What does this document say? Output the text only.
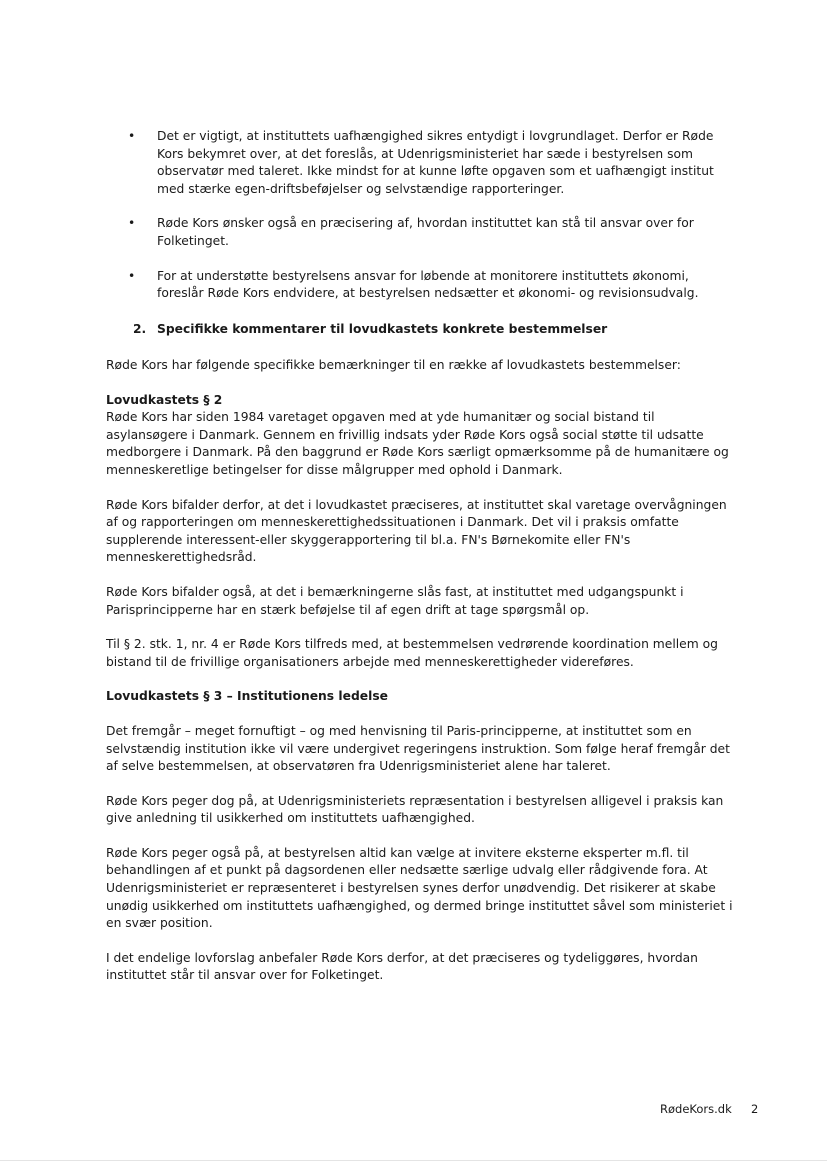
• Det er vigtigt, at instituttets uafhængighed sikres entydigt i lovgrundlaget. Derfor er Røde Kors bekymret over, at det foreslås, at Udenrigsministeriet har sæde i bestyrelsen som observatør med taleret. Ikke mindst for at kunne løfte opgaven som et uafhængigt institut med stærke egen-driftsbeføjelser og selvstændige rapporteringer.
• Røde Kors ønsker også en præcisering af, hvordan instituttet kan stå til ansvar over for Folketinget.
• For at understøtte bestyrelsens ansvar for løbende at monitorere instituttets økonomi, foreslår Røde Kors endvidere, at bestyrelsen nedsætter et økonomi- og revisionsudvalg.
2. Specifikke kommentarer til lovudkastets konkrete bestemmelser

Røde Kors har følgende specifikke bemærkninger til en række af lovudkastets bestemmelser:

Lovudkastets § 2

Røde Kors har siden 1984 varetaget opgaven med at yde humanitær og social bistand til asylansøgere i Danmark. Gennem en frivillig indsats yder Røde Kors også social støtte til udsatte medborgere i Danmark. På den baggrund er Røde Kors særligt opmærksomme på de humanitære og menneskeretlige betingelser for disse målgrupper med ophold i Danmark.

Røde Kors bifalder derfor, at det i lovudkastet præciseres, at instituttet skal varetage overvågningen af og rapporteringen om menneskerettighedssituationen i Danmark. Det vil i praksis omfatte supplerende interessent-eller skyggerapportering til bl.a. FN's Børnekomite eller FN's menneskerettighedsråd.

Røde Kors bifalder også, at det i bemærkningerne slås fast, at instituttet med udgangspunkt i Parisprincipperne har en stærk beføjelse til af egen drift at tage spørgsmål op.

Til § 2. stk. 1, nr. 4 er Røde Kors tilfreds med, at bestemmelsen vedrørende koordination mellem og bistand til de frivillige organisationers arbejde med menneskerettigheder videreføres.

Lovudkastets § 3 – Institutionens ledelse

Det fremgår – meget fornuftigt – og med henvisning til Paris-principperne, at instituttet som en selvstændig institution ikke vil være undergivet regeringens instruktion. Som følge heraf fremgår det af selve bestemmelsen, at observatøren fra Udenrigsministeriet alene har taleret.

Røde Kors peger dog på, at Udenrigsministeriets repræsentation i bestyrelsen alligevel i praksis kan give anledning til usikkerhed om instituttets uafhængighed.

Røde Kors peger også på, at bestyrelsen altid kan vælge at invitere eksterne eksperter m.fl. til behandlingen af et punkt på dagsordenen eller nedsætte særlige udvalg eller rådgivende fora. At Udenrigsministeriet er repræsenteret i bestyrelsen synes derfor unødvendig. Det risikerer at skabe unødig usikkerhed om instituttets uafhængighed, og dermed bringe instituttet såvel som ministeriet i en svær position.

I det endelige lovforslag anbefaler Røde Kors derfor, at det præciseres og tydeliggøres, hvordan instituttet står til ansvar over for Folketinget.

RødeKors.dk 2
